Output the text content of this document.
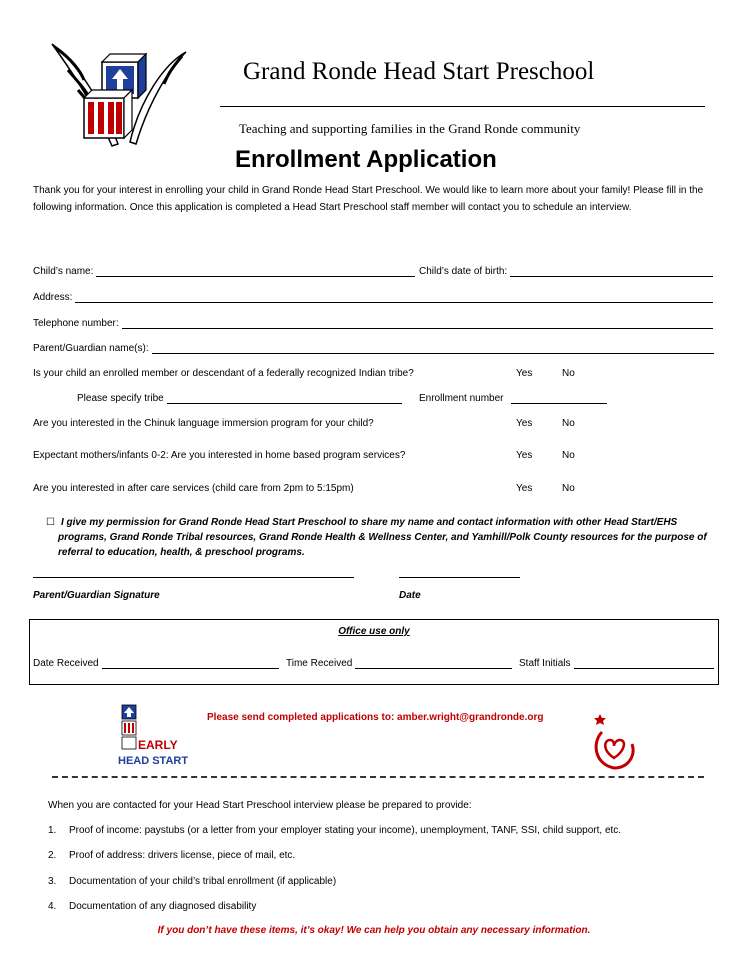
Grand Ronde Head Start Preschool
Teaching and supporting families in the Grand Ronde community
Enrollment Application
Thank you for your interest in enrolling your child in Grand Ronde Head Start Preschool. We would like to learn more about your family! Please fill in the following information. Once this application is completed a Head Start Preschool staff member will contact you to schedule an interview.
Child’s name:	Child’s date of birth:
Address:
Telephone number:
Parent/Guardian name(s):
Is your child an enrolled member or descendant of a federally recognized Indian tribe?	Yes	No
Please specify tribe	Enrollment number
Are you interested in the Chinuk language immersion program for your child?	Yes	No
Expectant mothers/infants 0-2: Are you interested in home based program services?	Yes	No
Are you interested in after care services (child care from 2pm to 5:15pm)	Yes	No
☐ I give my permission for Grand Ronde Head Start Preschool to share my name and contact information with other Head Start/EHS programs, Grand Ronde Tribal resources, Grand Ronde Health & Wellness Center, and Yamhill/Polk County resources for the purpose of referral to education, health, & preschool programs.
Parent/Guardian Signature	Date
Office use only
Date Received	Time Received	Staff Initials
EARLY
HEAD START
Please send completed applications to: amber.wright@grandronde.org
When you are contacted for your Head Start Preschool interview please be prepared to provide:
1. Proof of income: paystubs (or a letter from your employer stating your income), unemployment, TANF, SSI, child support, etc.
2. Proof of address: drivers license, piece of mail, etc.
3. Documentation of your child’s tribal enrollment (if applicable)
4. Documentation of any diagnosed disability
If you don’t have these items, it’s okay! We can help you obtain any necessary information.
